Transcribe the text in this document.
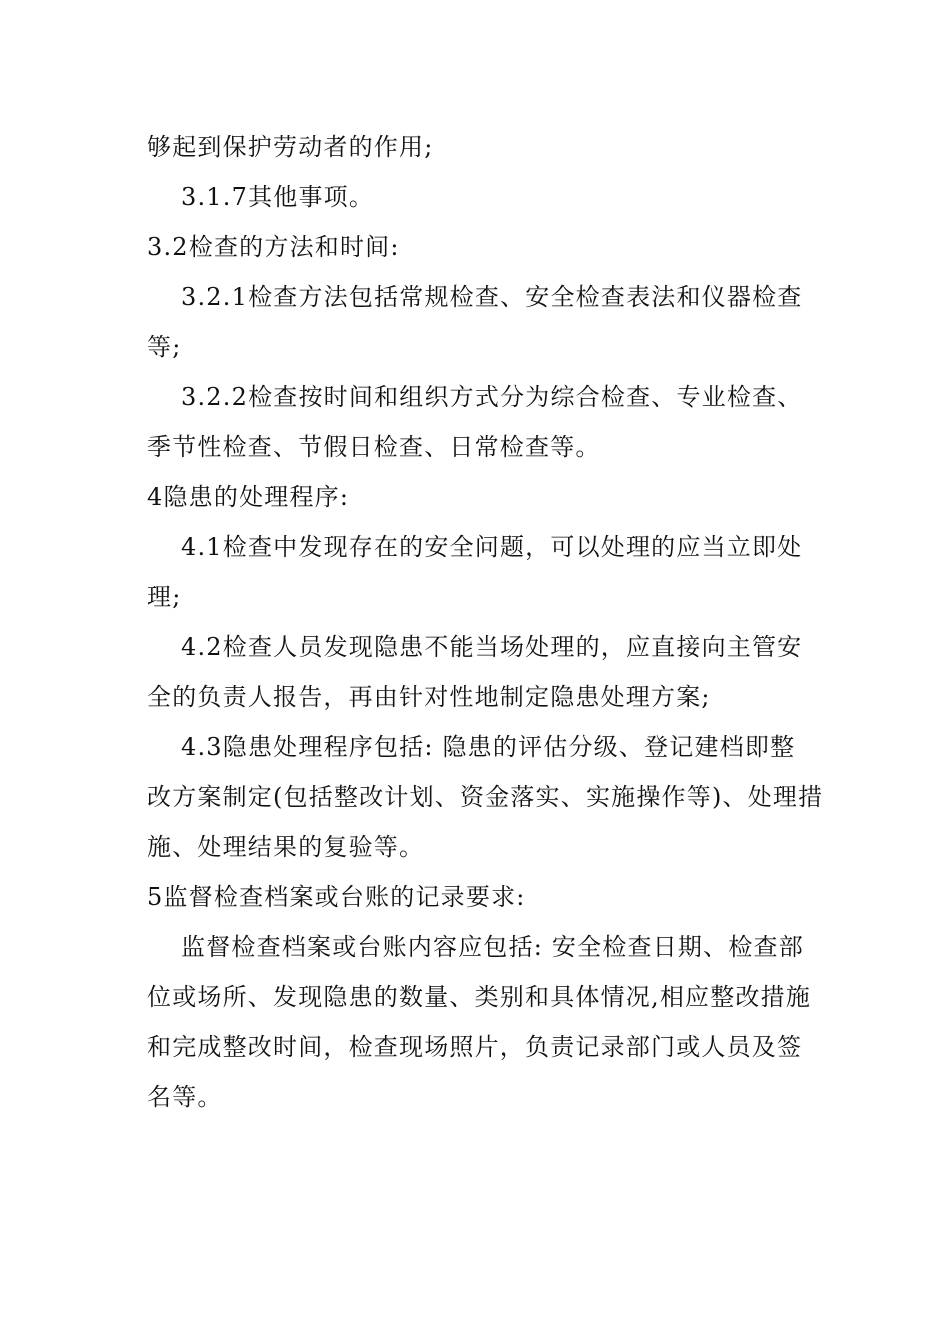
够起到保护劳动者的作用;
3.1.7其他事项。
3.2检查的方法和时间:
3.2.1检查方法包括常规检查、安全检查表法和仪器检查
等;
3.2.2检查按时间和组织方式分为综合检查、专业检查、
季节性检查、节假日检查、日常检查等。
4隐患的处理程序:
4.1检查中发现存在的安全问题，可以处理的应当立即处
理;
4.2检查人员发现隐患不能当场处理的，应直接向主管安
全的负责人报告，再由针对性地制定隐患处理方案;
4.3隐患处理程序包括: 隐患的评估分级、登记建档即整
改方案制定(包括整改计划、资金落实、实施操作等)、处理措
施、处理结果的复验等。
5监督检查档案或台账的记录要求:
监督检查档案或台账内容应包括: 安全检查日期、检查部
位或场所、发现隐患的数量、类别和具体情况,相应整改措施
和完成整改时间，检查现场照片，负责记录部门或人员及签
名等。
